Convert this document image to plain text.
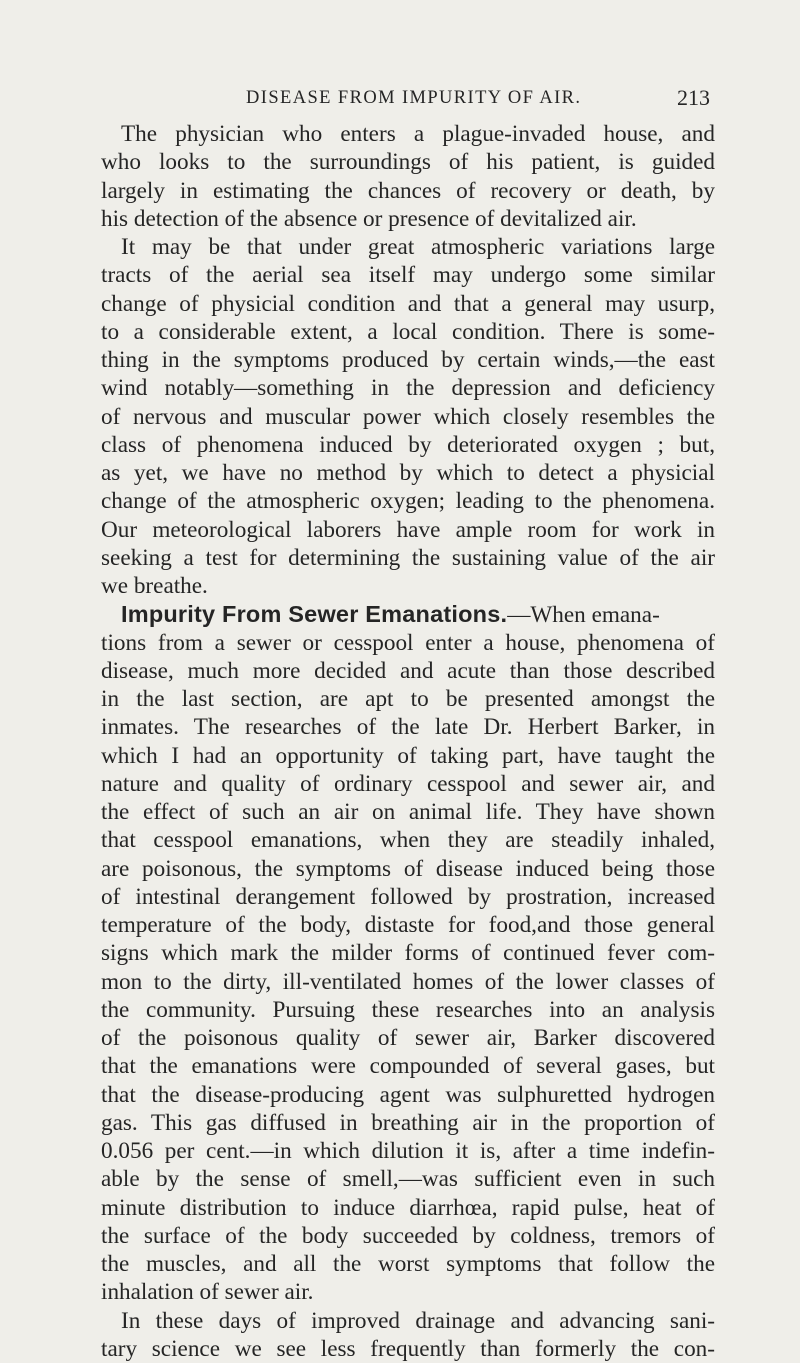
DISEASE FROM IMPURITY OF AIR.	213
The physician who enters a plague-invaded house, and
who looks to the surroundings of his patient, is guided
largely in estimating the chances of recovery or death, by
his detection of the absence or presence of devitalized air.
It may be that under great atmospheric variations large
tracts of the aerial sea itself may undergo some similar
change of physicial condition and that a general may usurp,
to a considerable extent, a local condition. There is some-
thing in the symptoms produced by certain winds,—the east
wind notably—something in the depression and deficiency
of nervous and muscular power which closely resembles the
class of phenomena induced by deteriorated oxygen ; but,
as yet, we have no method by which to detect a physicial
change of the atmospheric oxygen; leading to the phenomena.
Our meteorological laborers have ample room for work in
seeking a test for determining the sustaining value of the air
we breathe.
Impurity From Sewer Emanations.—When emana-
tions from a sewer or cesspool enter a house, phenomena of
disease, much more decided and acute than those described
in the last section, are apt to be presented amongst the
inmates. The researches of the late Dr. Herbert Barker, in
which I had an opportunity of taking part, have taught the
nature and quality of ordinary cesspool and sewer air, and
the effect of such an air on animal life. They have shown
that cesspool emanations, when they are steadily inhaled,
are poisonous, the symptoms of disease induced being those
of intestinal derangement followed by prostration, increased
temperature of the body, distaste for food,and those general
signs which mark the milder forms of continued fever com-
mon to the dirty, ill-ventilated homes of the lower classes of
the community. Pursuing these researches into an analysis
of the poisonous quality of sewer air, Barker discovered
that the emanations were compounded of several gases, but
that the disease-producing agent was sulphuretted hydrogen
gas. This gas diffused in breathing air in the proportion of
0.056 per cent.—in which dilution it is, after a time indefin-
able by the sense of smell,—was sufficient even in such
minute distribution to induce diarrhœa, rapid pulse, heat of
the surface of the body succeeded by coldness, tremors of
the muscles, and all the worst symptoms that follow the
inhalation of sewer air.
In these days of improved drainage and advancing sani-
tary science we see less frequently than formerly the con-
